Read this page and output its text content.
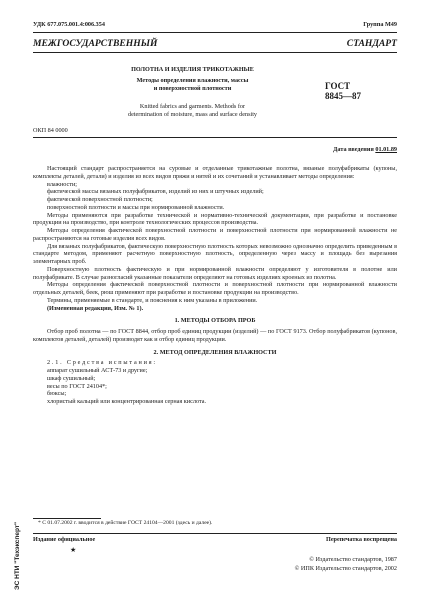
УДК 677.075.001.4:006.354	Группа М49
МЕЖГОСУДАРСТВЕННЫЙ СТАНДАРТ
ПОЛОТНА И ИЗДЕЛИЯ ТРИКОТАЖНЫЕ
Методы определения влажности, массы
и поверхностной плотности
Knitted fabrics and garments. Methods for
determination of moisture, mass and surface density
ГОСТ
8845—87
ОКП 84 0000
Дата введения 01.01.89

Настоящий стандарт распространяется на суровые и отделанные трикотажные полотна, вязаные полуфабрикаты (купоны, комплекты деталей, детали) и изделия из всех видов пряжи и нитей и их сочетаний и устанавливает методы определения:

влажности;

фактической массы вязаных полуфабрикатов, изделий из них и штучных изделий;

фактической поверхностной плотности;

поверхностной плотности и массы при нормированной влажности.

Методы применяются при разработке технической и нормативно-технической документации, при разработке и постановке продукции на производство, при контроле технологических процессов производства.

Методы определения фактической поверхностной плотности и поверхностной плотности при нормированной влажности не распространяются на готовые изделия всех видов.

Для вязаных полуфабрикатов, фактическую поверхностную плотность которых невозможно однозначно определить приведенным в стандарте методом, применяют расчетную поверхностную плотность, определенную через массу и площадь без вырезания элементарных проб.

Поверхностную плотность фактическую и при нормированной влажности определяют у изготовителя в полотне или полуфабрикате. В случае разногласий указанные показатели определяют на готовых изделиях кроеных из полотна.

Методы определения фактической поверхностной плотности и поверхностной плотности при нормированной влажности отдельных деталей, беек, рюш применяют при разработке и постановке продукции на производство.

Термины, применяемые в стандарте, и пояснения к ним указаны в приложении.

(Измененная редакция, Изм. № 1).

1. МЕТОДЫ ОТБОРА ПРОБ

Отбор проб полотна — по ГОСТ 8844, отбор проб единиц продукции (изделий) — по ГОСТ 9173. Отбор полуфабрикатов (купонов, комплектов деталей, деталей) производят как и отбор единиц продукции.

2. МЕТОД ОПРЕДЕЛЕНИЯ ВЛАЖНОСТИ

2.1. Средства испытания:

аппарат сушильный АСТ-73 и другие;

шкаф сушильный;

весы по ГОСТ 24104*;

бюксы;

хлористый кальций или концентрированная серная кислота.

* С 01.07.2002 г. вводится в действие ГОСТ 24104—2001 (здесь и далее).
Издание официальное
★
Перепечатка воспрещена
© Издательство стандартов, 1987
© ИПК Издательство стандартов, 2002
ЭС НТИ "Техэксперт"
